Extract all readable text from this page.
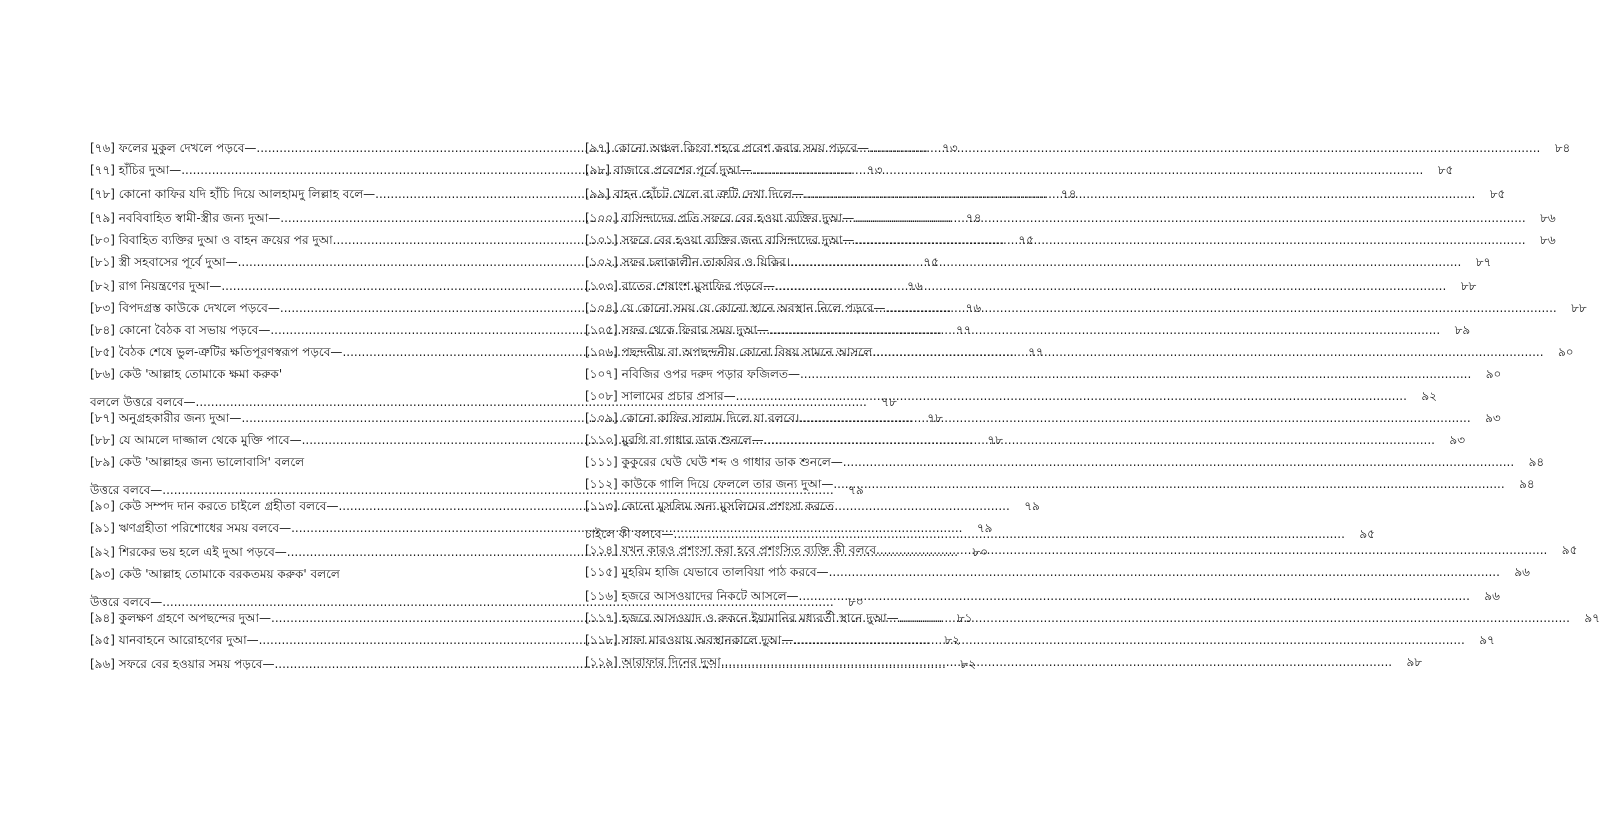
[৭৬] ফলের মুকুল দেখলে পড়বে— .....	৭৩
[৭৭] হাঁচির দুআ— .....	৭৩
[৭৮] কোনো কাফির যদি হাঁচি দিয়ে আলহামদু লিল্লাহ বলে— .....	৭৪
[৭৯] নববিবাহিত স্বামী-স্ত্রীর জন্য দুআ— .....	৭৪
[৮০] বিবাহিত ব্যক্তির দুআ ও বাহন ক্রয়ের পর দুআ .....	৭৫
[৮১] স্ত্রী সহবাসের পূর্বে দুআ— .....	৭৫
[৮২] রাগ নিয়ন্ত্রণের দুআ— .....	৭৬
[৮৩] বিপদগ্রস্ত কাউকে দেখলে পড়বে— .....	৭৬
[৮৪] কোনো বৈঠক বা সভায় পড়বে— .....	৭৭
[৮৫] বৈঠক শেষে ভুল-ত্রুটির ক্ষতিপূরণস্বরূপ পড়বে— .....	৭৭
[৮৬] কেউ 'আল্লাহ তোমাকে ক্ষমা করুক'
বললে উত্তরে বলবে— .....	৭৮
[৮৭] অনুগ্রহকারীর জন্য দুআ— .....	৭৮
[৮৮] যে আমলে দাজ্জাল থেকে মুক্তি পাবে— .....	৭৮
[৮৯] কেউ 'আল্লাহর জন্য ভালোবাসি' বললে
উত্তরে বলবে— .....	৭৯
[৯০] কেউ সম্পদ দান করতে চাইলে গ্রহীতা বলবে— .....	৭৯
[৯১] ঋণগ্রহীতা পরিশোধের সময় বলবে— .....	৭৯
[৯২] শিরকের ভয় হলে এই দুআ পড়বে— .....	৮০
[৯৩] কেউ 'আল্লাহ তোমাকে বরকতময় করুক' বললে
উত্তরে বলবে— .....	৮০
[৯৪] কুলক্ষণ গ্রহণে অপছন্দের দুআ— .....	৮১
[৯৫] যানবাহনে আরোহণের দুআ— .....	৮২
[৯৬] সফরে বের হওয়ার সময় পড়বে— .....	৮২
[৯৭] কোনো অঞ্চল কিংবা শহরে প্রবেশ করার সময় পড়বে— .....	৮৪
[৯৮] বাজারে প্রবেশের পূর্বে দুআ— .....	৮৫
[৯৯] বাহন হোঁচট খেলে বা ত্রুটি দেখা দিলে— .....	৮৫
[১০০] বাসিন্দাদের প্রতি সফরে বের হওয়া ব্যক্তির দুআ— .....	৮৬
[১০১] সফরে বের হওয়া ব্যক্তির জন্য বাসিন্দাদের দুআ— .....	৮৬
[১০২] সফর চলাকালীন তাকবির ও যিকির। .....	৮৭
[১০৩] রাতের শেষাংশ মুসাফির পড়বে— .....	৮৮
[১০৪] যে কোনো সময় যে কোনো স্থানে অবস্থান নিলে পড়বে— .....	৮৮
[১০৫] সফর থেকে ফিরার সময় দুআ— .....	৮৯
[১০৬] পছন্দনীয় বা অপছন্দনীয় কোনো বিষয় সামনে আসলে .....	৯০
[১০৭] নবিজির ওপর দরুদ পড়ার ফজিলত— .....	৯০
[১০৮] সালামের প্রচার প্রসার— .....	৯২
[১০৯] কোনো কাফির সালাম দিলে যা বলবে। .....	৯৩
[১১০] মুরগি বা গাধার ডাক শুনলে— .....	৯৩
[১১১] কুকুরের ঘেউ ঘেউ শব্দ ও গাধার ডাক শুনলে— .....	৯৪
[১১২] কাউকে গালি দিয়ে ফেললে তার জন্য দুআ— .....	৯৪
[১১৩] কোনো মুসলিম অন্য মুসলিমের প্রশংসা করতে
চাইলে কী বলবে— .....	৯৫
[১১৪] যখন কারও প্রশংসা করা হবে প্রশংসিত ব্যক্তি কী বলবে .....	৯৫
[১১৫] মুহরিম হাজি যেভাবে তালবিয়া পাঠ করবে— .....	৯৬
[১১৬] হজরে আসওয়াদের নিকটে আসলে— .....	৯৬
[১১৭] হজরে আসওয়াদ ও রুকনে ইয়ামানির মধ্যবর্তী স্থানে দুআ— .....	৯৭
[১১৮] সাফা মারওয়ায় অবস্থানকালে দুআ— .....	৯৭
[১১৯] আরাফার দিনের দুআ .....	৯৮
